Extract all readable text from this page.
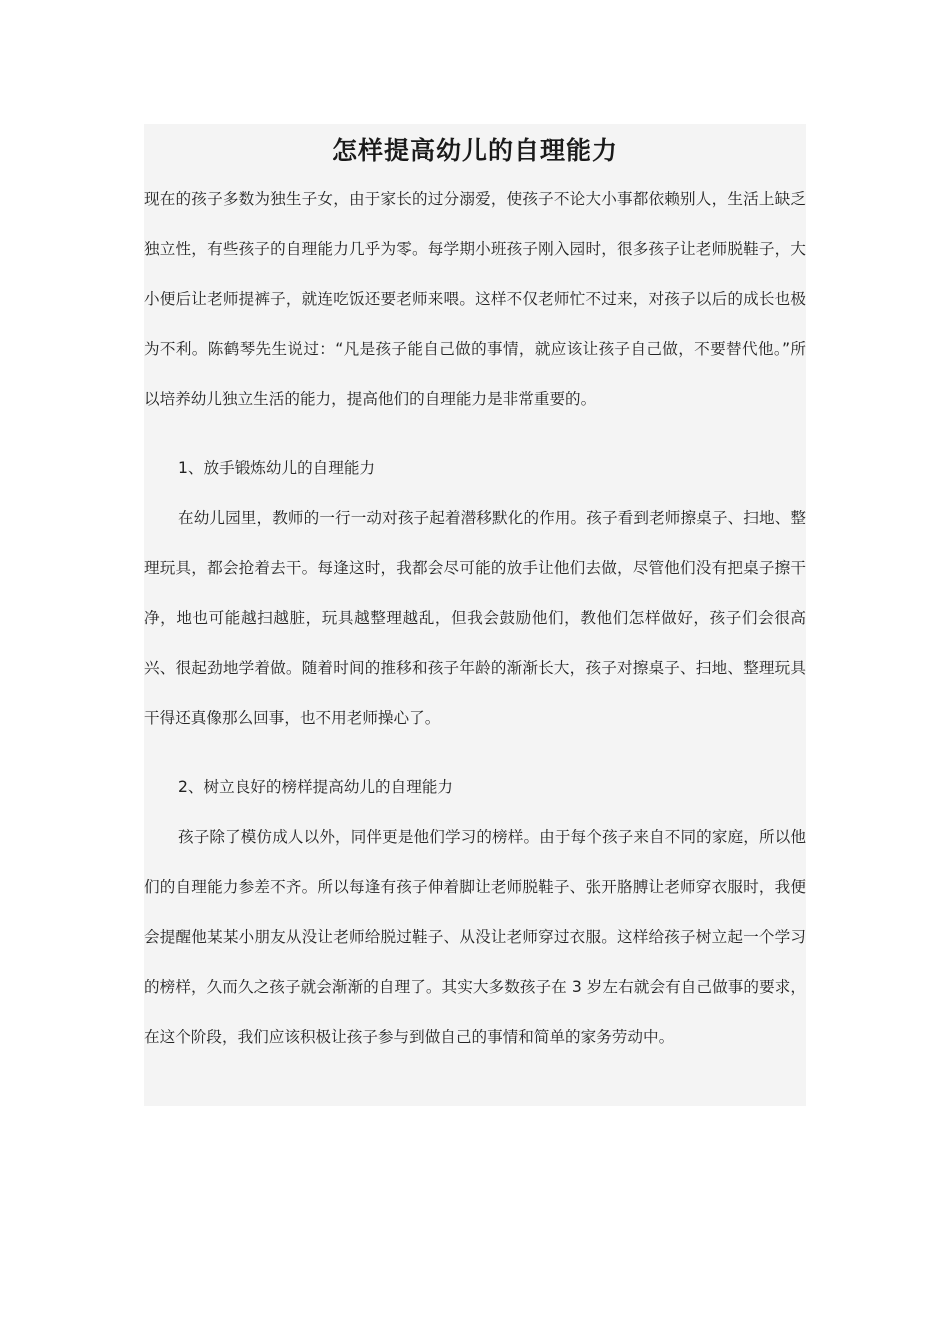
怎样提高幼儿的自理能力

现在的孩子多数为独生子女，由于家长的过分溺爱，使孩子不论大小事都依赖别人，生活上缺乏独立性，有些孩子的自理能力几乎为零。每学期小班孩子刚入园时，很多孩子让老师脱鞋子，大小便后让老师提裤子，就连吃饭还要老师来喂。这样不仅老师忙不过来，对孩子以后的成长也极为不利。陈鹤琴先生说过：“凡是孩子能自己做的事情，就应该让孩子自己做，不要替代他。”所以培养幼儿独立生活的能力，提高他们的自理能力是非常重要的。

1、放手锻炼幼儿的自理能力

在幼儿园里，教师的一行一动对孩子起着潜移默化的作用。孩子看到老师擦桌子、扫地、整理玩具，都会抢着去干。每逢这时，我都会尽可能的放手让他们去做，尽管他们没有把桌子擦干净，地也可能越扫越脏，玩具越整理越乱，但我会鼓励他们，教他们怎样做好，孩子们会很高兴、很起劲地学着做。随着时间的推移和孩子年龄的渐渐长大，孩子对擦桌子、扫地、整理玩具干得还真像那么回事，也不用老师操心了。

2、树立良好的榜样提高幼儿的自理能力

孩子除了模仿成人以外，同伴更是他们学习的榜样。由于每个孩子来自不同的家庭，所以他们的自理能力参差不齐。所以每逢有孩子伸着脚让老师脱鞋子、张开胳膊让老师穿衣服时，我便会提醒他某某小朋友从没让老师给脱过鞋子、从没让老师穿过衣服。这样给孩子树立起一个学习的榜样，久而久之孩子就会渐渐的自理了。其实大多数孩子在 3 岁左右就会有自己做事的要求，在这个阶段，我们应该积极让孩子参与到做自己的事情和简单的家务劳动中。
